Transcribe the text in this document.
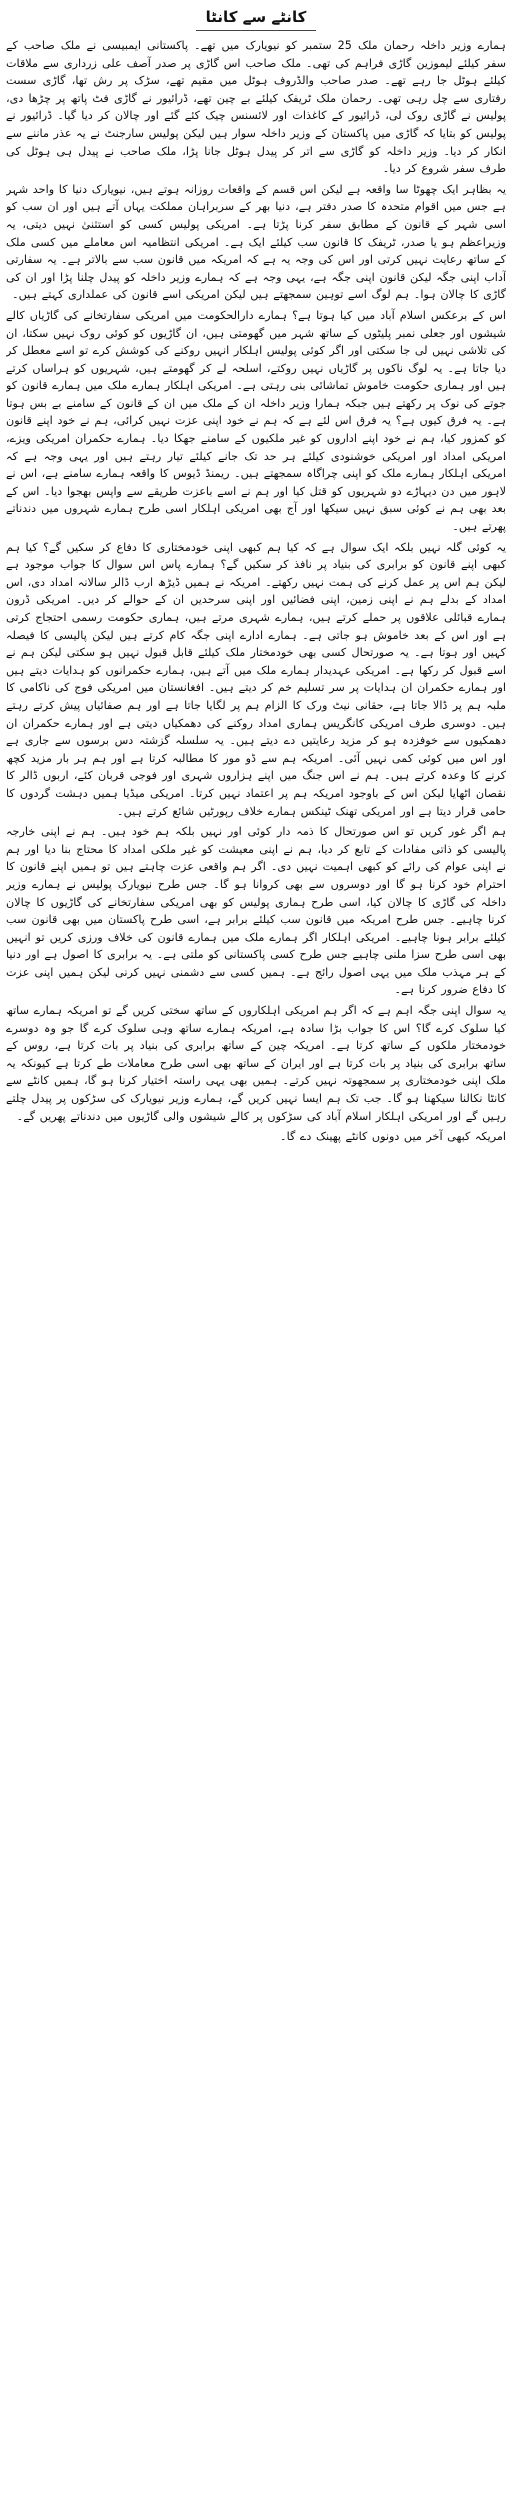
کانٹے سے کانٹا

ہمارے وزیر داخلہ رحمان ملک 25 ستمبر کو نیویارک میں تھے۔ پاکستانی ایمبیسی نے ملک صاحب کے سفر کیلئے لیموزین گاڑی فراہم کی تھی۔ ملک صاحب اس گاڑی پر صدر آصف علی زرداری سے ملاقات کیلئے ہوٹل جا رہے تھے۔ صدر صاحب والڈروف ہوٹل میں مقیم تھے، سڑک پر رش تھا، گاڑی سست رفتاری سے چل رہی تھی۔ رحمان ملک ٹریفک کیلئے بے چین تھے، ڈرائیور نے گاڑی فٹ پاتھ پر چڑھا دی، پولیس نے گاڑی روک لی، ڈرائیور کے کاغذات اور لائسنس چیک کئے گئے اور چالان کر دیا گیا۔ ڈرائیور نے پولیس کو بتایا کہ گاڑی میں پاکستان کے وزیر داخلہ سوار ہیں لیکن پولیس سارجنٹ نے یہ عذر ماننے سے انکار کر دیا۔ وزیر داخلہ کو گاڑی سے اتر کر پیدل ہوٹل جانا پڑا، ملک صاحب نے پیدل ہی ہوٹل کی طرف سفر شروع کر دیا۔

یہ بظاہر ایک چھوٹا سا واقعہ ہے لیکن اس قسم کے واقعات روزانہ ہوتے ہیں، نیویارک دنیا کا واحد شہر ہے جس میں اقوام متحدہ کا صدر دفتر ہے، دنیا بھر کے سربراہان مملکت یہاں آتے ہیں اور ان سب کو اسی شہر کے قانون کے مطابق سفر کرنا پڑتا ہے۔ امریکی پولیس کسی کو استثنیٰ نہیں دیتی، یہ وزیراعظم ہو یا صدر، ٹریفک کا قانون سب کیلئے ایک ہے۔ امریکی انتظامیہ اس معاملے میں کسی ملک کے ساتھ رعایت نہیں کرتی اور اس کی وجہ یہ ہے کہ امریکہ میں قانون سب سے بالاتر ہے۔ یہ سفارتی آداب اپنی جگہ لیکن قانون اپنی جگہ ہے، یہی وجہ ہے کہ ہمارے وزیر داخلہ کو پیدل چلنا پڑا اور ان کی گاڑی کا چالان ہوا۔ ہم لوگ اسے توہین سمجھتے ہیں لیکن امریکی اسے قانون کی عملداری کہتے ہیں۔

اس کے برعکس اسلام آباد میں کیا ہوتا ہے؟ ہمارے دارالحکومت میں امریکی سفارتخانے کی گاڑیاں کالے شیشوں اور جعلی نمبر پلیٹوں کے ساتھ شہر میں گھومتی ہیں، ان گاڑیوں کو کوئی روک نہیں سکتا، ان کی تلاشی نہیں لی جا سکتی اور اگر کوئی پولیس اہلکار انہیں روکنے کی کوشش کرے تو اسے معطل کر دیا جاتا ہے۔ یہ لوگ ناکوں پر گاڑیاں نہیں روکتے، اسلحہ لے کر گھومتے ہیں، شہریوں کو ہراساں کرتے ہیں اور ہماری حکومت خاموش تماشائی بنی رہتی ہے۔ امریکی اہلکار ہمارے ملک میں ہمارے قانون کو جوتے کی نوک پر رکھتے ہیں جبکہ ہمارا وزیر داخلہ ان کے ملک میں ان کے قانون کے سامنے بے بس ہوتا ہے۔ یہ فرق کیوں ہے؟ یہ فرق اس لئے ہے کہ ہم نے خود اپنی عزت نہیں کرائی، ہم نے خود اپنے قانون کو کمزور کیا، ہم نے خود اپنے اداروں کو غیر ملکیوں کے سامنے جھکا دیا۔ ہمارے حکمران امریکی ویزے، امریکی امداد اور امریکی خوشنودی کیلئے ہر حد تک جانے کیلئے تیار رہتے ہیں اور یہی وجہ ہے کہ امریکی اہلکار ہمارے ملک کو اپنی چراگاہ سمجھتے ہیں۔ ریمنڈ ڈیوس کا واقعہ ہمارے سامنے ہے، اس نے لاہور میں دن دیہاڑے دو شہریوں کو قتل کیا اور ہم نے اسے باعزت طریقے سے واپس بھجوا دیا۔ اس کے بعد بھی ہم نے کوئی سبق نہیں سیکھا اور آج بھی امریکی اہلکار اسی طرح ہمارے شہروں میں دندناتے پھرتے ہیں۔

یہ کوئی گلہ نہیں بلکہ ایک سوال ہے کہ کیا ہم کبھی اپنی خودمختاری کا دفاع کر سکیں گے؟ کیا ہم کبھی اپنے قانون کو برابری کی بنیاد پر نافذ کر سکیں گے؟ ہمارے پاس اس سوال کا جواب موجود ہے لیکن ہم اس پر عمل کرنے کی ہمت نہیں رکھتے۔ امریکہ نے ہمیں ڈیڑھ ارب ڈالر سالانہ امداد دی، اس امداد کے بدلے ہم نے اپنی زمین، اپنی فضائیں اور اپنی سرحدیں ان کے حوالے کر دیں۔ امریکی ڈرون ہمارے قبائلی علاقوں پر حملے کرتے ہیں، ہمارے شہری مرتے ہیں، ہماری حکومت رسمی احتجاج کرتی ہے اور اس کے بعد خاموش ہو جاتی ہے۔ ہمارے ادارے اپنی جگہ کام کرتے ہیں لیکن پالیسی کا فیصلہ کہیں اور ہوتا ہے۔ یہ صورتحال کسی بھی خودمختار ملک کیلئے قابل قبول نہیں ہو سکتی لیکن ہم نے اسے قبول کر رکھا ہے۔ امریکی عہدیدار ہمارے ملک میں آتے ہیں، ہمارے حکمرانوں کو ہدایات دیتے ہیں اور ہمارے حکمران ان ہدایات پر سر تسلیم خم کر دیتے ہیں۔ افغانستان میں امریکی فوج کی ناکامی کا ملبہ ہم پر ڈالا جاتا ہے، حقانی نیٹ ورک کا الزام ہم پر لگایا جاتا ہے اور ہم صفائیاں پیش کرتے رہتے ہیں۔ دوسری طرف امریکی کانگریس ہماری امداد روکنے کی دھمکیاں دیتی ہے اور ہمارے حکمران ان دھمکیوں سے خوفزدہ ہو کر مزید رعایتیں دے دیتے ہیں۔ یہ سلسلہ گزشتہ دس برسوں سے جاری ہے اور اس میں کوئی کمی نہیں آئی۔ امریکہ ہم سے ڈو مور کا مطالبہ کرتا ہے اور ہم ہر بار مزید کچھ کرنے کا وعدہ کرتے ہیں۔ ہم نے اس جنگ میں اپنے ہزاروں شہری اور فوجی قربان کئے، اربوں ڈالر کا نقصان اٹھایا لیکن اس کے باوجود امریکہ ہم پر اعتماد نہیں کرتا۔ امریکی میڈیا ہمیں دہشت گردوں کا حامی قرار دیتا ہے اور امریکی تھنک ٹینکس ہمارے خلاف رپورٹیں شائع کرتے ہیں۔

ہم اگر غور کریں تو اس صورتحال کا ذمہ دار کوئی اور نہیں بلکہ ہم خود ہیں۔ ہم نے اپنی خارجہ پالیسی کو ذاتی مفادات کے تابع کر دیا، ہم نے اپنی معیشت کو غیر ملکی امداد کا محتاج بنا دیا اور ہم نے اپنی عوام کی رائے کو کبھی اہمیت نہیں دی۔ اگر ہم واقعی عزت چاہتے ہیں تو ہمیں اپنے قانون کا احترام خود کرنا ہو گا اور دوسروں سے بھی کروانا ہو گا۔ جس طرح نیویارک پولیس نے ہمارے وزیر داخلہ کی گاڑی کا چالان کیا، اسی طرح ہماری پولیس کو بھی امریکی سفارتخانے کی گاڑیوں کا چالان کرنا چاہیے۔ جس طرح امریکہ میں قانون سب کیلئے برابر ہے، اسی طرح پاکستان میں بھی قانون سب کیلئے برابر ہونا چاہیے۔ امریکی اہلکار اگر ہمارے ملک میں ہمارے قانون کی خلاف ورزی کریں تو انہیں بھی اسی طرح سزا ملنی چاہیے جس طرح کسی پاکستانی کو ملتی ہے۔ یہ برابری کا اصول ہے اور دنیا کے ہر مہذب ملک میں یہی اصول رائج ہے۔ ہمیں کسی سے دشمنی نہیں کرنی لیکن ہمیں اپنی عزت کا دفاع ضرور کرنا ہے۔

یہ سوال اپنی جگہ اہم ہے کہ اگر ہم امریکی اہلکاروں کے ساتھ سختی کریں گے تو امریکہ ہمارے ساتھ کیا سلوک کرے گا؟ اس کا جواب بڑا سادہ ہے، امریکہ ہمارے ساتھ وہی سلوک کرے گا جو وہ دوسرے خودمختار ملکوں کے ساتھ کرتا ہے۔ امریکہ چین کے ساتھ برابری کی بنیاد پر بات کرتا ہے، روس کے ساتھ برابری کی بنیاد پر بات کرتا ہے اور ایران کے ساتھ بھی اسی طرح معاملات طے کرتا ہے کیونکہ یہ ملک اپنی خودمختاری پر سمجھوتہ نہیں کرتے۔ ہمیں بھی یہی راستہ اختیار کرنا ہو گا، ہمیں کانٹے سے کانٹا نکالنا سیکھنا ہو گا۔ جب تک ہم ایسا نہیں کریں گے، ہمارے وزیر نیویارک کی سڑکوں پر پیدل چلتے رہیں گے اور امریکی اہلکار اسلام آباد کی سڑکوں پر کالے شیشوں والی گاڑیوں میں دندناتے پھریں گے۔

امریکہ کبھی آخر میں دونوں کانٹے پھینک دے گا۔
